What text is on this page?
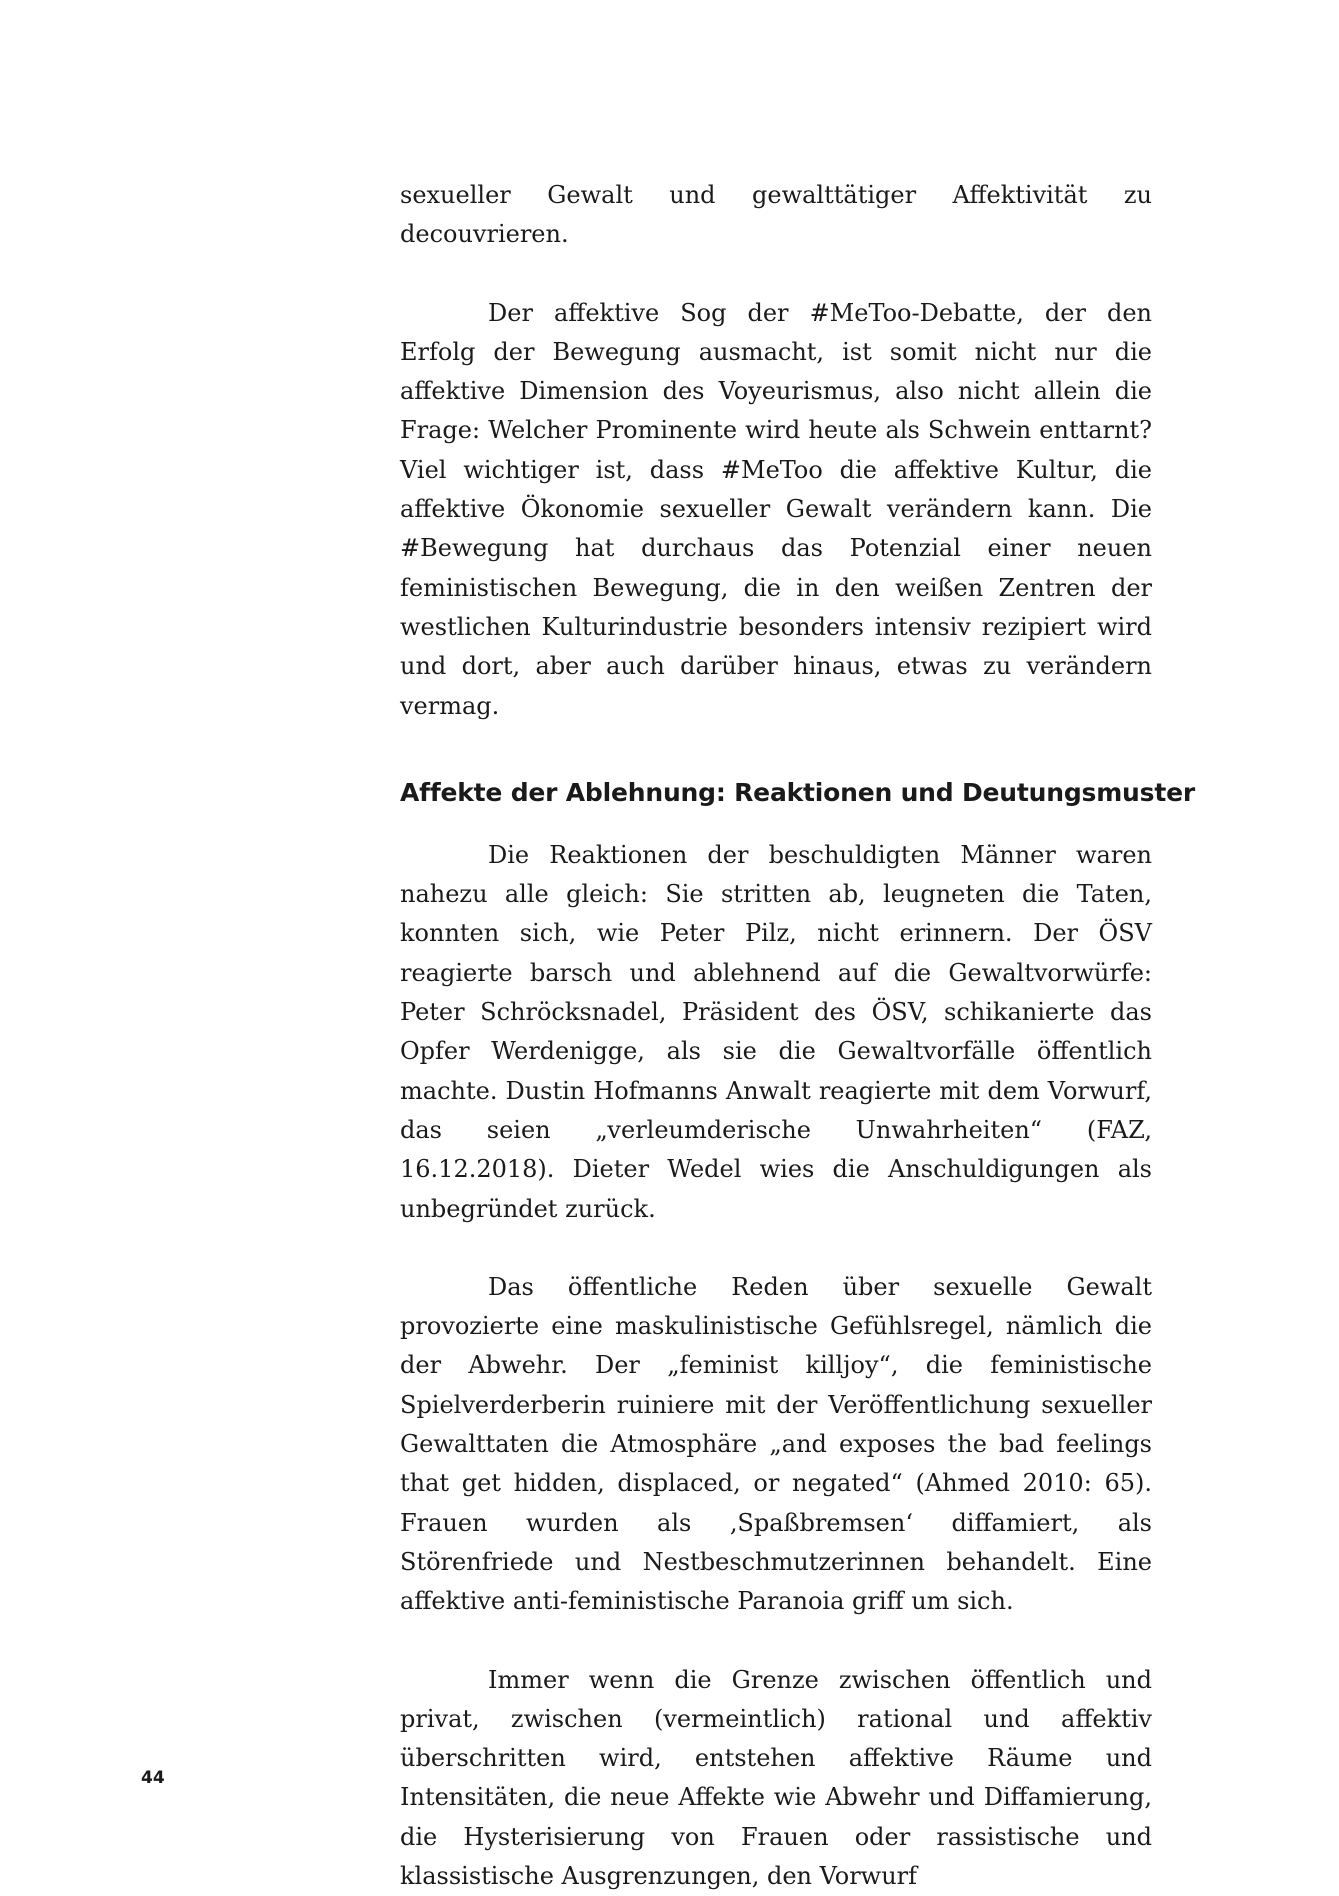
sexueller Gewalt und gewalttätiger Affektivität zu decouvrieren.

Der affektive Sog der #MeToo-Debatte, der den Erfolg der Bewegung ausmacht, ist somit nicht nur die affektive Dimension des Voyeurismus, also nicht allein die Frage: Welcher Prominente wird heute als Schwein enttarnt? Viel wichtiger ist, dass #MeToo die affektive Kultur, die affektive Ökonomie sexueller Gewalt verändern kann. Die #Bewegung hat durchaus das Potenzial einer neuen feministischen Bewegung, die in den weißen Zentren der westlichen Kulturindustrie besonders intensiv rezipiert wird und dort, aber auch darüber hinaus, etwas zu verändern vermag.

Affekte der Ablehnung: Reaktionen und Deutungsmuster

Die Reaktionen der beschuldigten Männer waren nahezu alle gleich: Sie stritten ab, leugneten die Taten, konnten sich, wie Peter Pilz, nicht erinnern. Der ÖSV reagierte barsch und ablehnend auf die Gewaltvorwürfe: Peter Schröcksnadel, Präsident des ÖSV, schikanierte das Opfer Werdenigge, als sie die Gewaltvorfälle öffentlich machte. Dustin Hofmanns Anwalt reagierte mit dem Vorwurf, das seien „verleumderische Unwahrheiten“ (FAZ, 16.12.2018). Dieter Wedel wies die Anschuldigungen als unbegründet zurück.

Das öffentliche Reden über sexuelle Gewalt provozierte eine maskulinistische Gefühlsregel, nämlich die der Abwehr. Der „feminist killjoy“, die feministische Spielverderberin ruiniere mit der Veröffentlichung sexueller Gewalttaten die Atmosphäre „and exposes the bad feelings that get hidden, displaced, or negated“ (Ahmed 2010: 65). Frauen wurden als ‚Spaßbremsen‘ diffamiert, als Störenfriede und Nestbeschmutzerinnen behandelt. Eine affektive anti-feministische Paranoia griff um sich.

Immer wenn die Grenze zwischen öffentlich und privat, zwischen (vermeintlich) rational und affektiv überschritten wird, entstehen affektive Räume und Intensitäten, die neue Affekte wie Abwehr und Diffamierung, die Hysterisierung von Frauen oder rassistische und klassistische Ausgrenzungen, den Vorwurf

44
